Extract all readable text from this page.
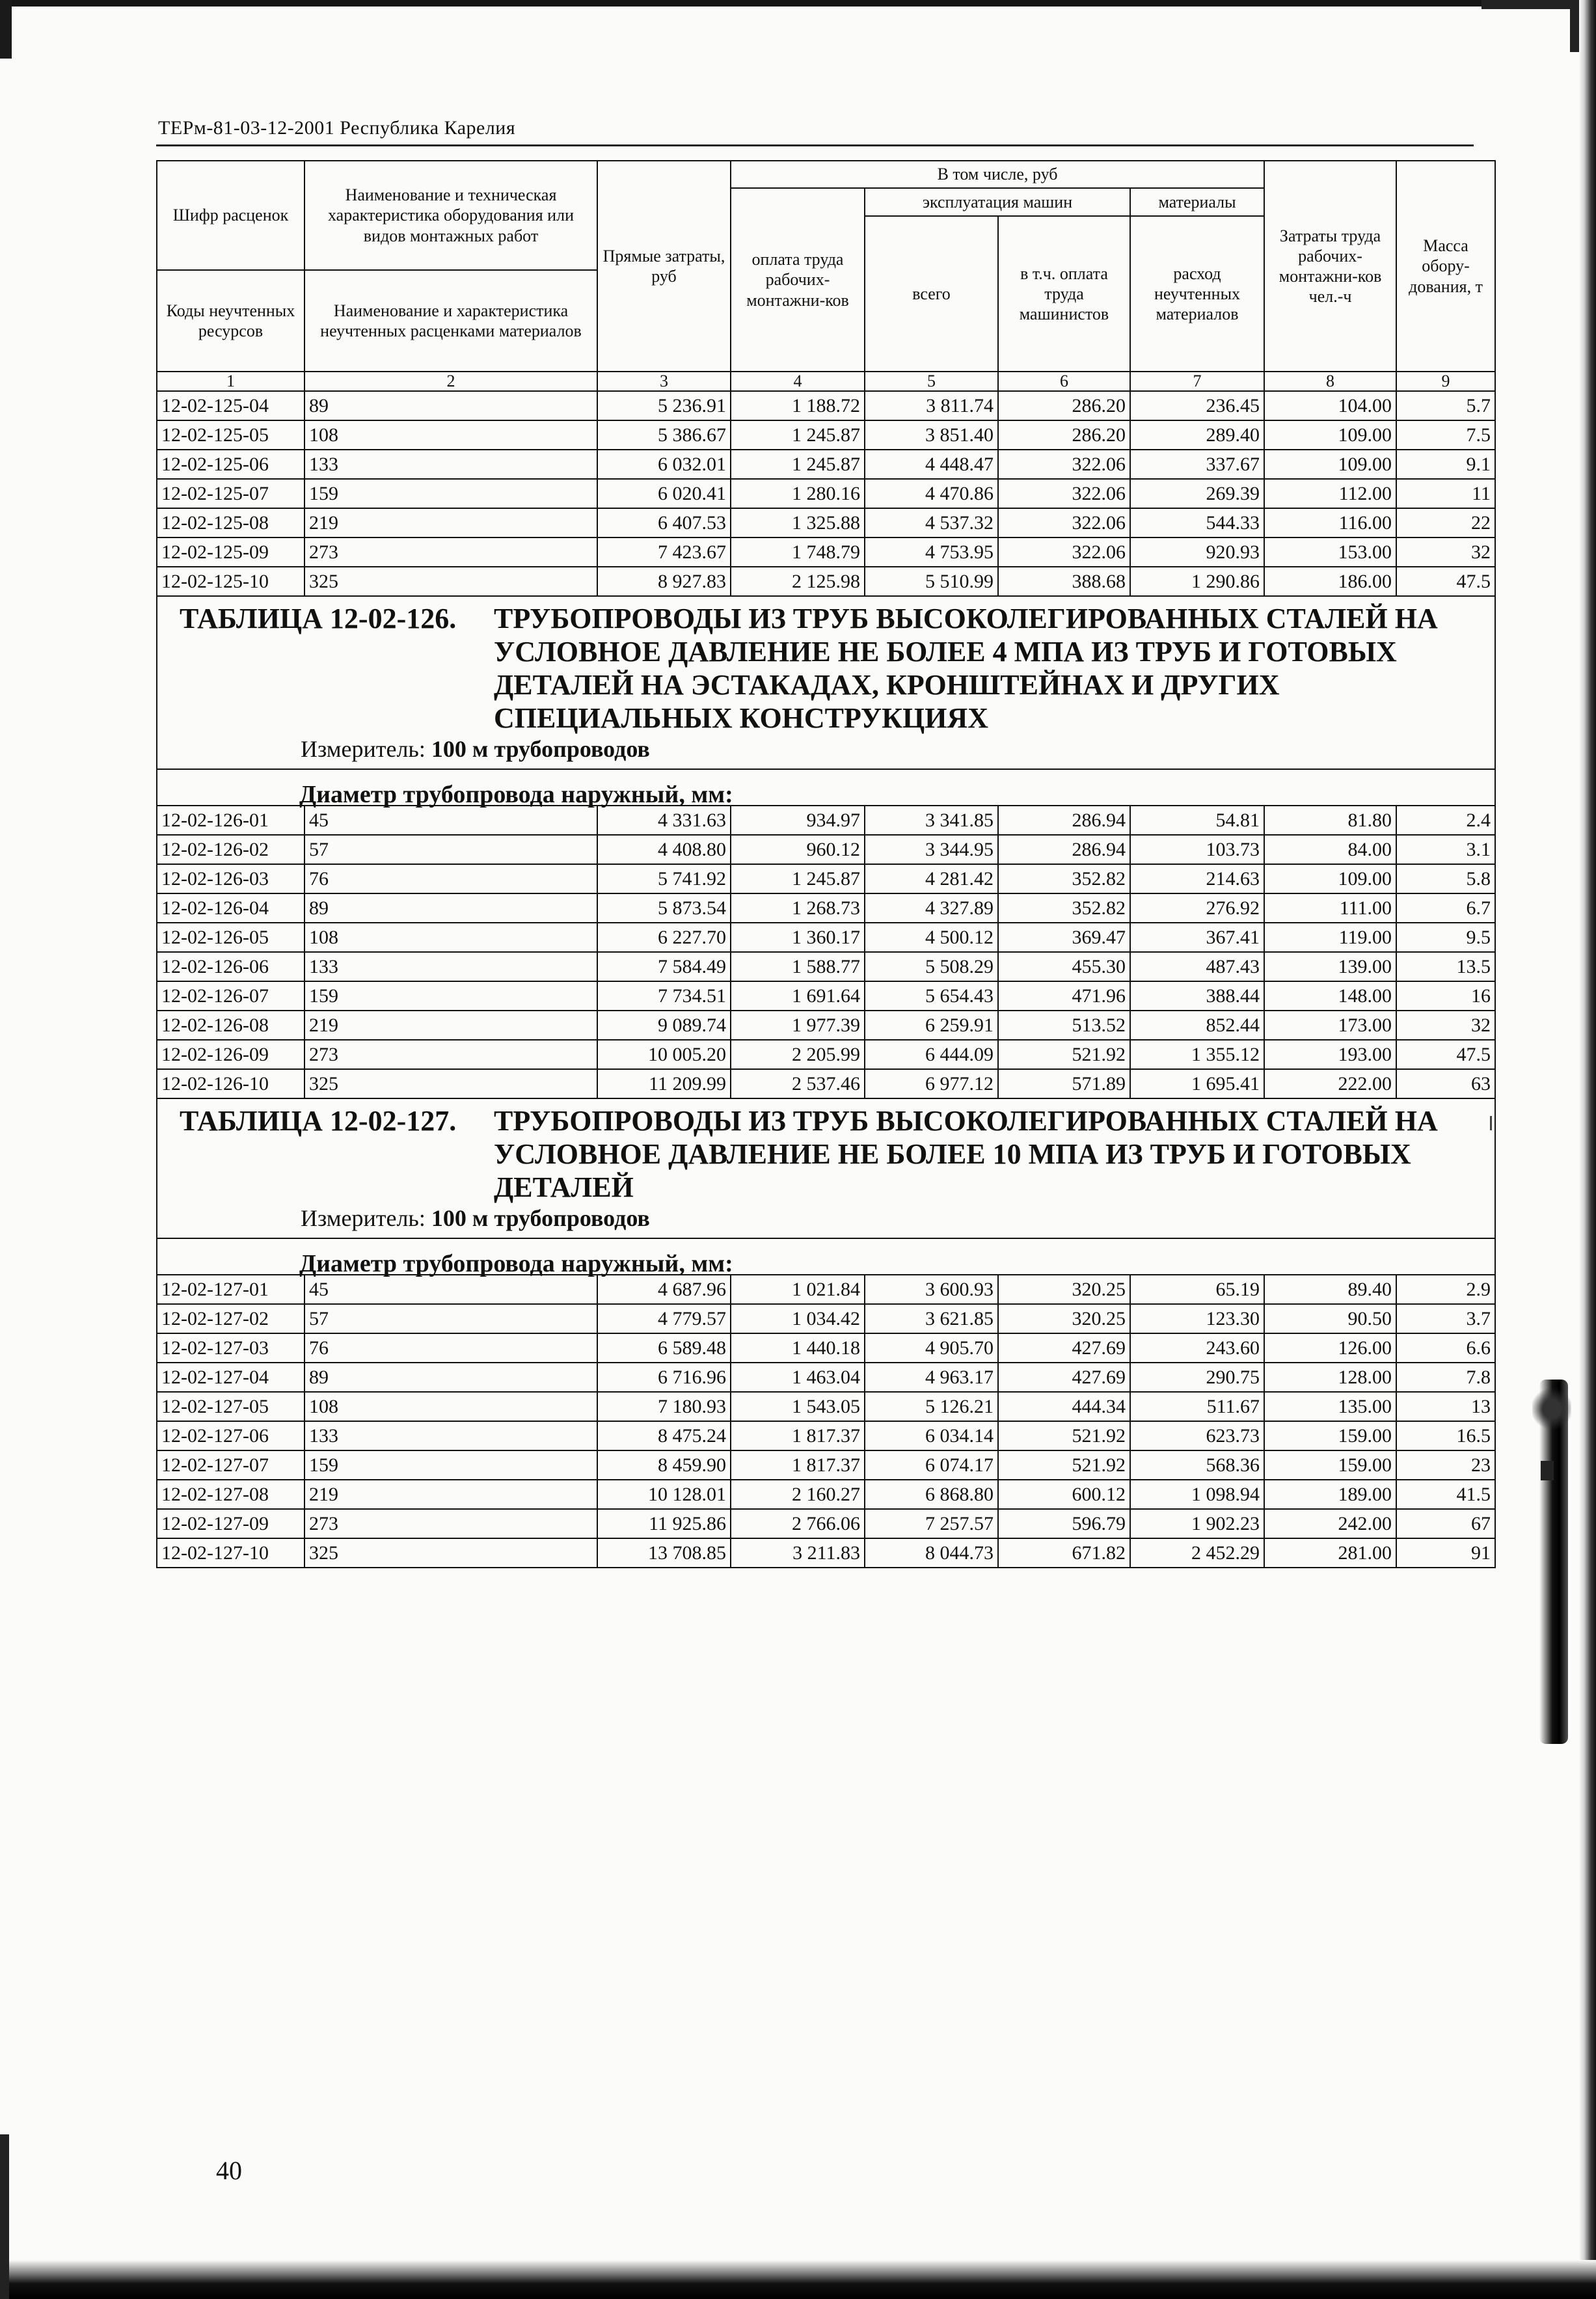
ТЕРм-81-03-12-2001 Республика Карелия
Шифр расценок	Наименование и техническая характеристика оборудования или видов монтажных работ	Прямые затраты, руб	В том числе, руб				Затраты труда рабочих-монтажни-ков чел.-ч	Масса обору-дования, т
			оплата труда рабочих-монтажни-ков	эксплуатация машин		материалы		
				всего	в т.ч. оплата труда машинистов	расход неучтенных материалов		
Коды неучтенных ресурсов	Наименование и характеристика неучтенных расценками материалов							

1	2	3	4	5	6	7	8	9
12-02-125-04	89	5 236.91	1 188.72	3 811.74	286.20	236.45	104.00	5.7
12-02-125-05	108	5 386.67	1 245.87	3 851.40	286.20	289.40	109.00	7.5
12-02-125-06	133	6 032.01	1 245.87	4 448.47	322.06	337.67	109.00	9.1
12-02-125-07	159	6 020.41	1 280.16	4 470.86	322.06	269.39	112.00	11
12-02-125-08	219	6 407.53	1 325.88	4 537.32	322.06	544.33	116.00	22
12-02-125-09	273	7 423.67	1 748.79	4 753.95	322.06	920.93	153.00	32
12-02-125-10	325	8 927.83	2 125.98	5 510.99	388.68	1 290.86	186.00	47.5

ТАБЛИЦА 12-02-126. ТРУБОПРОВОДЫ ИЗ ТРУБ ВЫСОКОЛЕГИРОВАННЫХ СТАЛЕЙ НА УСЛОВНОЕ ДАВЛЕНИЕ НЕ БОЛЕЕ 4 МПА ИЗ ТРУБ И ГОТОВЫХ ДЕТАЛЕЙ НА ЭСТАКАДАХ, КРОНШТЕЙНАХ И ДРУГИХ СПЕЦИАЛЬНЫХ КОНСТРУКЦИЯХ								

Измеритель: 100 м трубопроводов								

Диаметр трубопровода наружный, мм:								

12-02-126-01	45	4 331.63	934.97	3 341.85	286.94	54.81	81.80	2.4
12-02-126-02	57	4 408.80	960.12	3 344.95	286.94	103.73	84.00	3.1
12-02-126-03	76	5 741.92	1 245.87	4 281.42	352.82	214.63	109.00	5.8
12-02-126-04	89	5 873.54	1 268.73	4 327.89	352.82	276.92	111.00	6.7
12-02-126-05	108	6 227.70	1 360.17	4 500.12	369.47	367.41	119.00	9.5
12-02-126-06	133	7 584.49	1 588.77	5 508.29	455.30	487.43	139.00	13.5
12-02-126-07	159	7 734.51	1 691.64	5 654.43	471.96	388.44	148.00	16
12-02-126-08	219	9 089.74	1 977.39	6 259.91	513.52	852.44	173.00	32
12-02-126-09	273	10 005.20	2 205.99	6 444.09	521.92	1 355.12	193.00	47.5
12-02-126-10	325	11 209.99	2 537.46	6 977.12	571.89	1 695.41	222.00	63

ТАБЛИЦА 12-02-127. ТРУБОПРОВОДЫ ИЗ ТРУБ ВЫСОКОЛЕГИРОВАННЫХ СТАЛЕЙ НА УСЛОВНОЕ ДАВЛЕНИЕ НЕ БОЛЕЕ 10 МПА ИЗ ТРУБ И ГОТОВЫХ ДЕТАЛЕЙ								

Измеритель: 100 м трубопроводов								

Диаметр трубопровода наружный, мм:								

12-02-127-01	45	4 687.96	1 021.84	3 600.93	320.25	65.19	89.40	2.9
12-02-127-02	57	4 779.57	1 034.42	3 621.85	320.25	123.30	90.50	3.7
12-02-127-03	76	6 589.48	1 440.18	4 905.70	427.69	243.60	126.00	6.6
12-02-127-04	89	6 716.96	1 463.04	4 963.17	427.69	290.75	128.00	7.8
12-02-127-05	108	7 180.93	1 543.05	5 126.21	444.34	511.67	135.00	13
12-02-127-06	133	8 475.24	1 817.37	6 034.14	521.92	623.73	159.00	16.5
12-02-127-07	159	8 459.90	1 817.37	6 074.17	521.92	568.36	159.00	23
12-02-127-08	219	10 128.01	2 160.27	6 868.80	600.12	1 098.94	189.00	41.5
12-02-127-09	273	11 925.86	2 766.06	7 257.57	596.79	1 902.23	242.00	67
12-02-127-10	325	13 708.85	3 211.83	8 044.73	671.82	2 452.29	281.00	91
40
